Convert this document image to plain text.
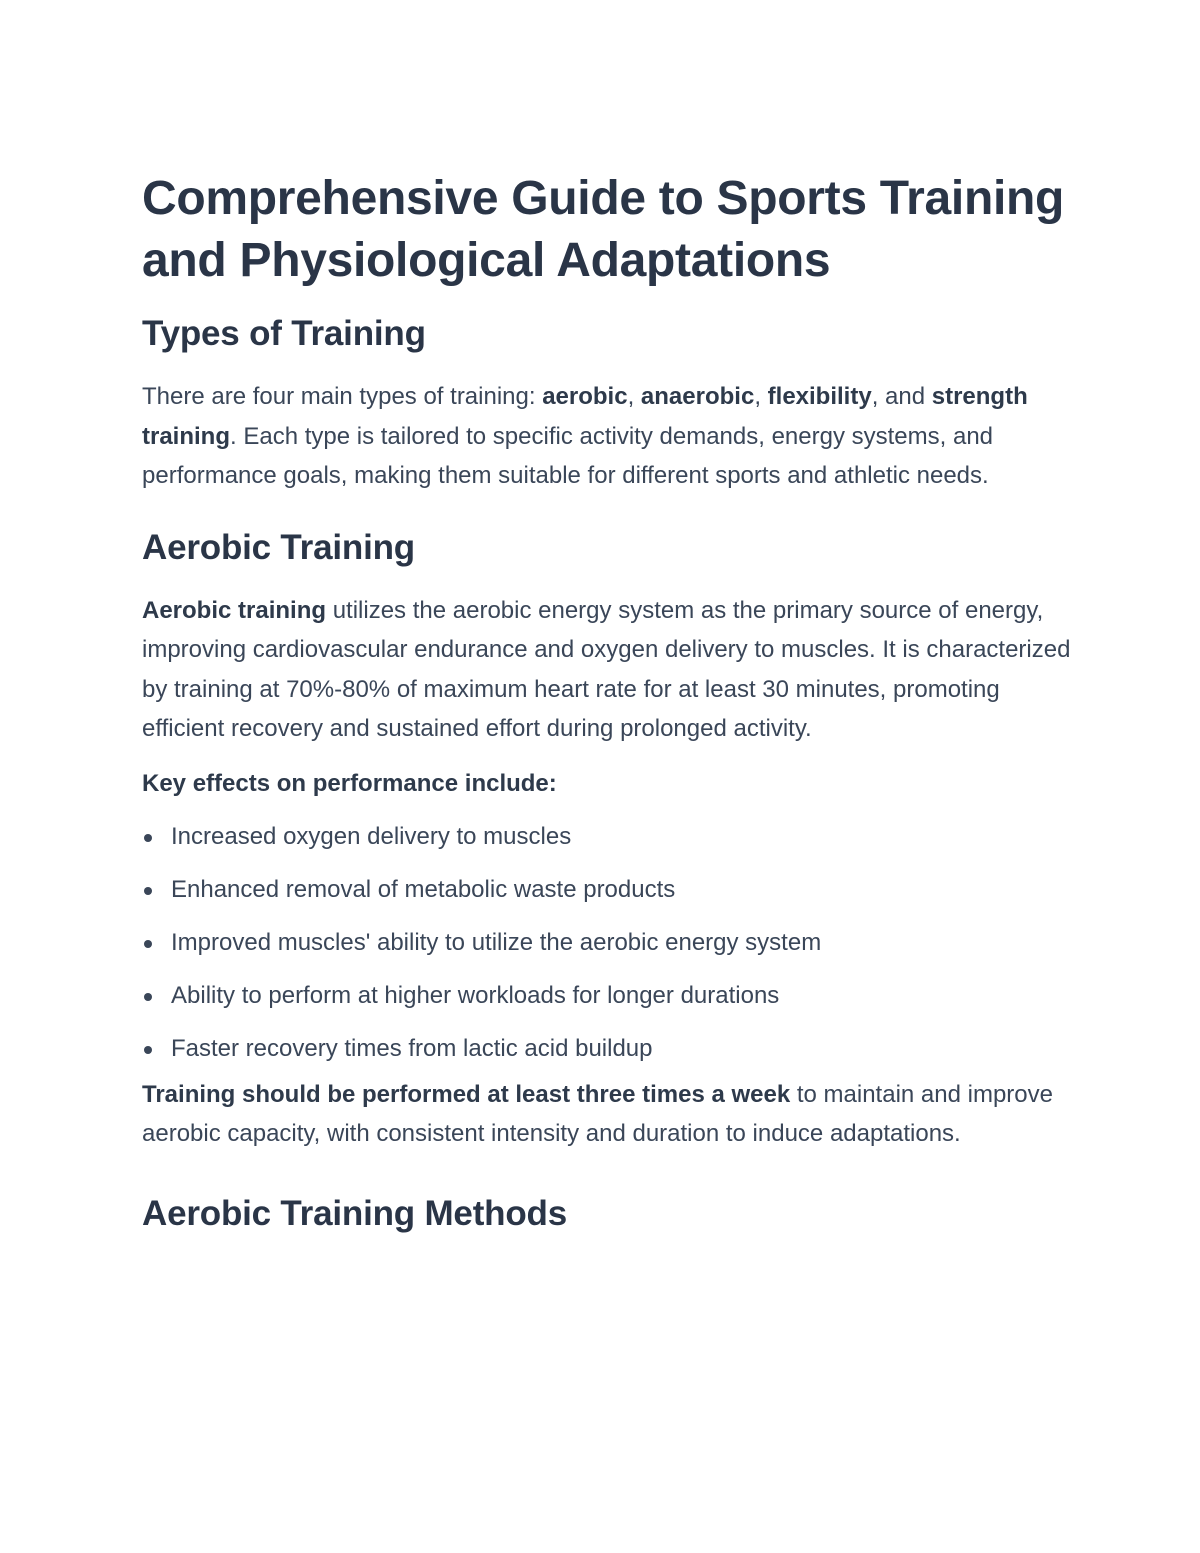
Comprehensive Guide to Sports Training and Physiological Adaptations
Types of Training

There are four main types of training: aerobic, anaerobic, flexibility, and strength training. Each type is tailored to specific activity demands, energy systems, and performance goals, making them suitable for different sports and athletic needs.

Aerobic Training

Aerobic training utilizes the aerobic energy system as the primary source of energy, improving cardiovascular endurance and oxygen delivery to muscles. It is characterized by training at 70%-80% of maximum heart rate for at least 30 minutes, promoting efficient recovery and sustained effort during prolonged activity.

Key effects on performance include:

Increased oxygen delivery to muscles
Enhanced removal of metabolic waste products
Improved muscles' ability to utilize the aerobic energy system
Ability to perform at higher workloads for longer durations
Faster recovery times from lactic acid buildup

Training should be performed at least three times a week to maintain and improve aerobic capacity, with consistent intensity and duration to induce adaptations.

Aerobic Training Methods
